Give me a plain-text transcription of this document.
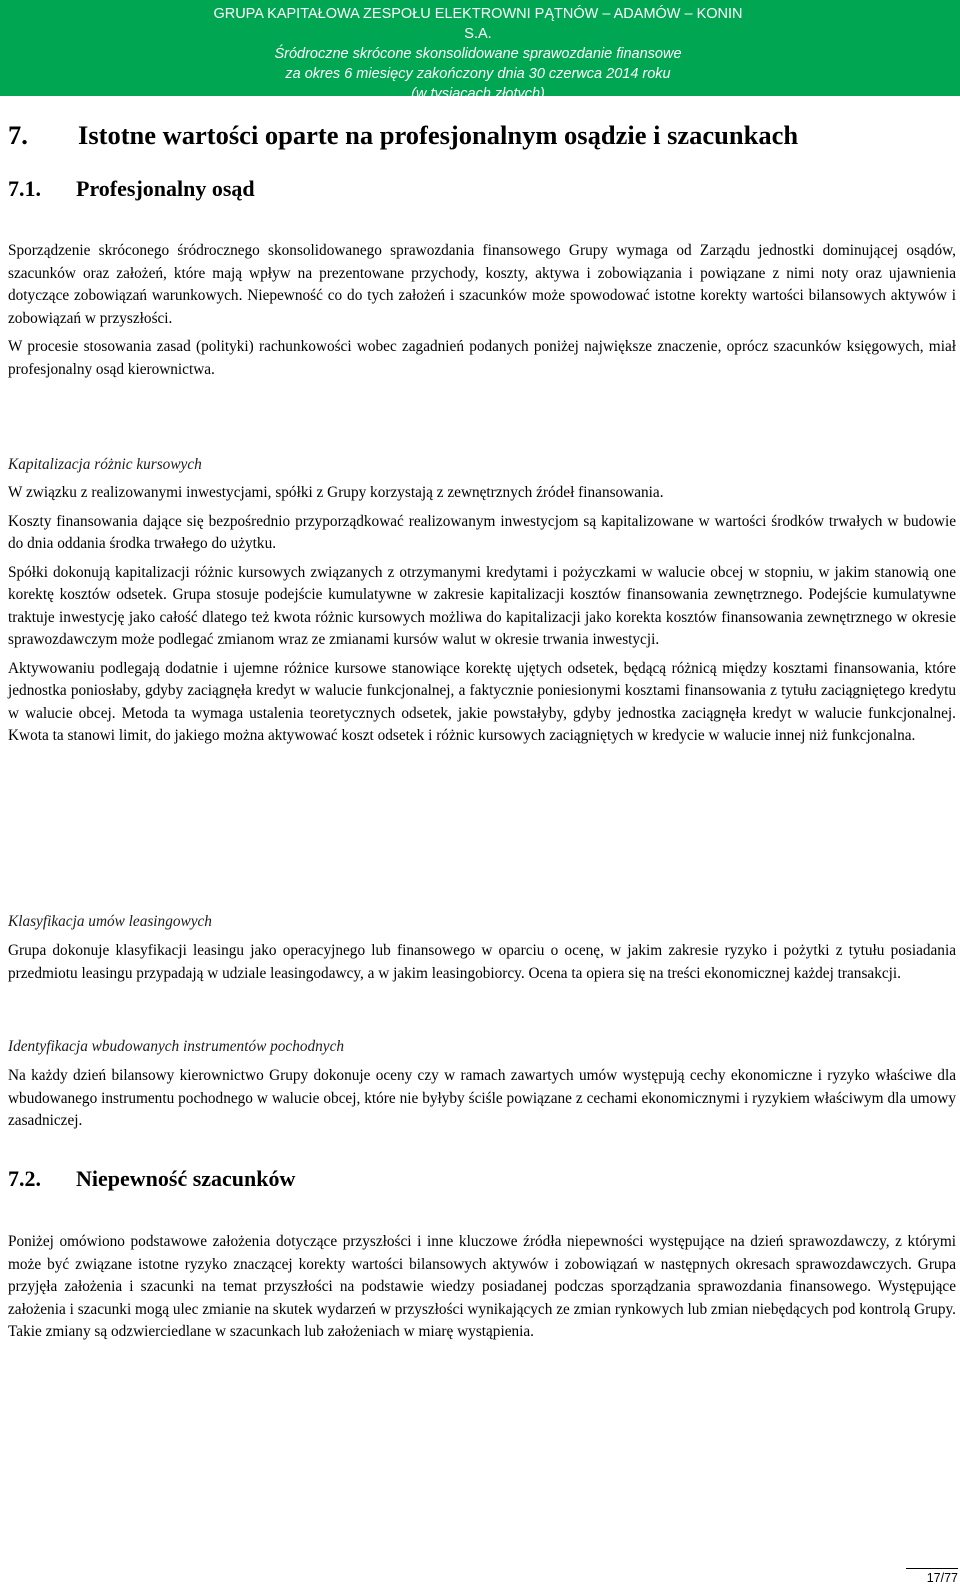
GRUPA KAPITAŁOWA ZESPOŁU ELEKTROWNI PĄTNÓW – ADAMÓW – KONIN S.A.
Śródroczne skrócone skonsolidowane sprawozdanie finansowe
za okres 6 miesięcy zakończony dnia 30 czerwca 2014 roku
(w tysiącach złotych)
7. Istotne wartości oparte na profesjonalnym osądzie i szacunkach
7.1. Profesjonalny osąd

Sporządzenie skróconego śródrocznego skonsolidowanego sprawozdania finansowego Grupy wymaga od Zarządu jednostki dominującej osądów, szacunków oraz założeń, które mają wpływ na prezentowane przychody, koszty, aktywa i zobowiązania i powiązane z nimi noty oraz ujawnienia dotyczące zobowiązań warunkowych. Niepewność co do tych założeń i szacunków może spowodować istotne korekty wartości bilansowych aktywów i zobowiązań w przyszłości.

W procesie stosowania zasad (polityki) rachunkowości wobec zagadnień podanych poniżej największe znaczenie, oprócz szacunków księgowych, miał profesjonalny osąd kierownictwa.

Kapitalizacja różnic kursowych

W związku z realizowanymi inwestycjami, spółki z Grupy korzystają z zewnętrznych źródeł finansowania.

Koszty finansowania dające się bezpośrednio przyporządkować realizowanym inwestycjom są kapitalizowane w wartości środków trwałych w budowie do dnia oddania środka trwałego do użytku.

Spółki dokonują kapitalizacji różnic kursowych związanych z otrzymanymi kredytami i pożyczkami w walucie obcej w stopniu, w jakim stanowią one korektę kosztów odsetek. Grupa stosuje podejście kumulatywne w zakresie kapitalizacji kosztów finansowania zewnętrznego. Podejście kumulatywne traktuje inwestycję jako całość dlatego też kwota różnic kursowych możliwa do kapitalizacji jako korekta kosztów finansowania zewnętrznego w okresie sprawozdawczym może podlegać zmianom wraz ze zmianami kursów walut w okresie trwania inwestycji.

Aktywowaniu podlegają dodatnie i ujemne różnice kursowe stanowiące korektę ujętych odsetek, będącą różnicą między kosztami finansowania, które jednostka poniosłaby, gdyby zaciągnęła kredyt w walucie funkcjonalnej, a faktycznie poniesionymi kosztami finansowania z tytułu zaciągniętego kredytu w walucie obcej. Metoda ta wymaga ustalenia teoretycznych odsetek, jakie powstałyby, gdyby jednostka zaciągnęła kredyt w walucie funkcjonalnej. Kwota ta stanowi limit, do jakiego można aktywować koszt odsetek i różnic kursowych zaciągniętych w kredycie w walucie innej niż funkcjonalna.

Klasyfikacja umów leasingowych

Grupa dokonuje klasyfikacji leasingu jako operacyjnego lub finansowego w oparciu o ocenę, w jakim zakresie ryzyko i pożytki z tytułu posiadania przedmiotu leasingu przypadają w udziale leasingodawcy, a w jakim leasingobiorcy. Ocena ta opiera się na treści ekonomicznej każdej transakcji.

Identyfikacja wbudowanych instrumentów pochodnych

Na każdy dzień bilansowy kierownictwo Grupy dokonuje oceny czy w ramach zawartych umów występują cechy ekonomiczne i ryzyko właściwe dla wbudowanego instrumentu pochodnego w walucie obcej, które nie byłyby ściśle powiązane z cechami ekonomicznymi i ryzykiem właściwym dla umowy zasadniczej.

7.2. Niepewność szacunków

Poniżej omówiono podstawowe założenia dotyczące przyszłości i inne kluczowe źródła niepewności występujące na dzień sprawozdawczy, z którymi może być związane istotne ryzyko znaczącej korekty wartości bilansowych aktywów i zobowiązań w następnych okresach sprawozdawczych. Grupa przyjęła założenia i szacunki na temat przyszłości na podstawie wiedzy posiadanej podczas sporządzania sprawozdania finansowego. Występujące założenia i szacunki mogą ulec zmianie na skutek wydarzeń w przyszłości wynikających ze zmian rynkowych lub zmian niebędących pod kontrolą Grupy. Takie zmiany są odzwierciedlane w szacunkach lub założeniach w miarę wystąpienia.

17/77
